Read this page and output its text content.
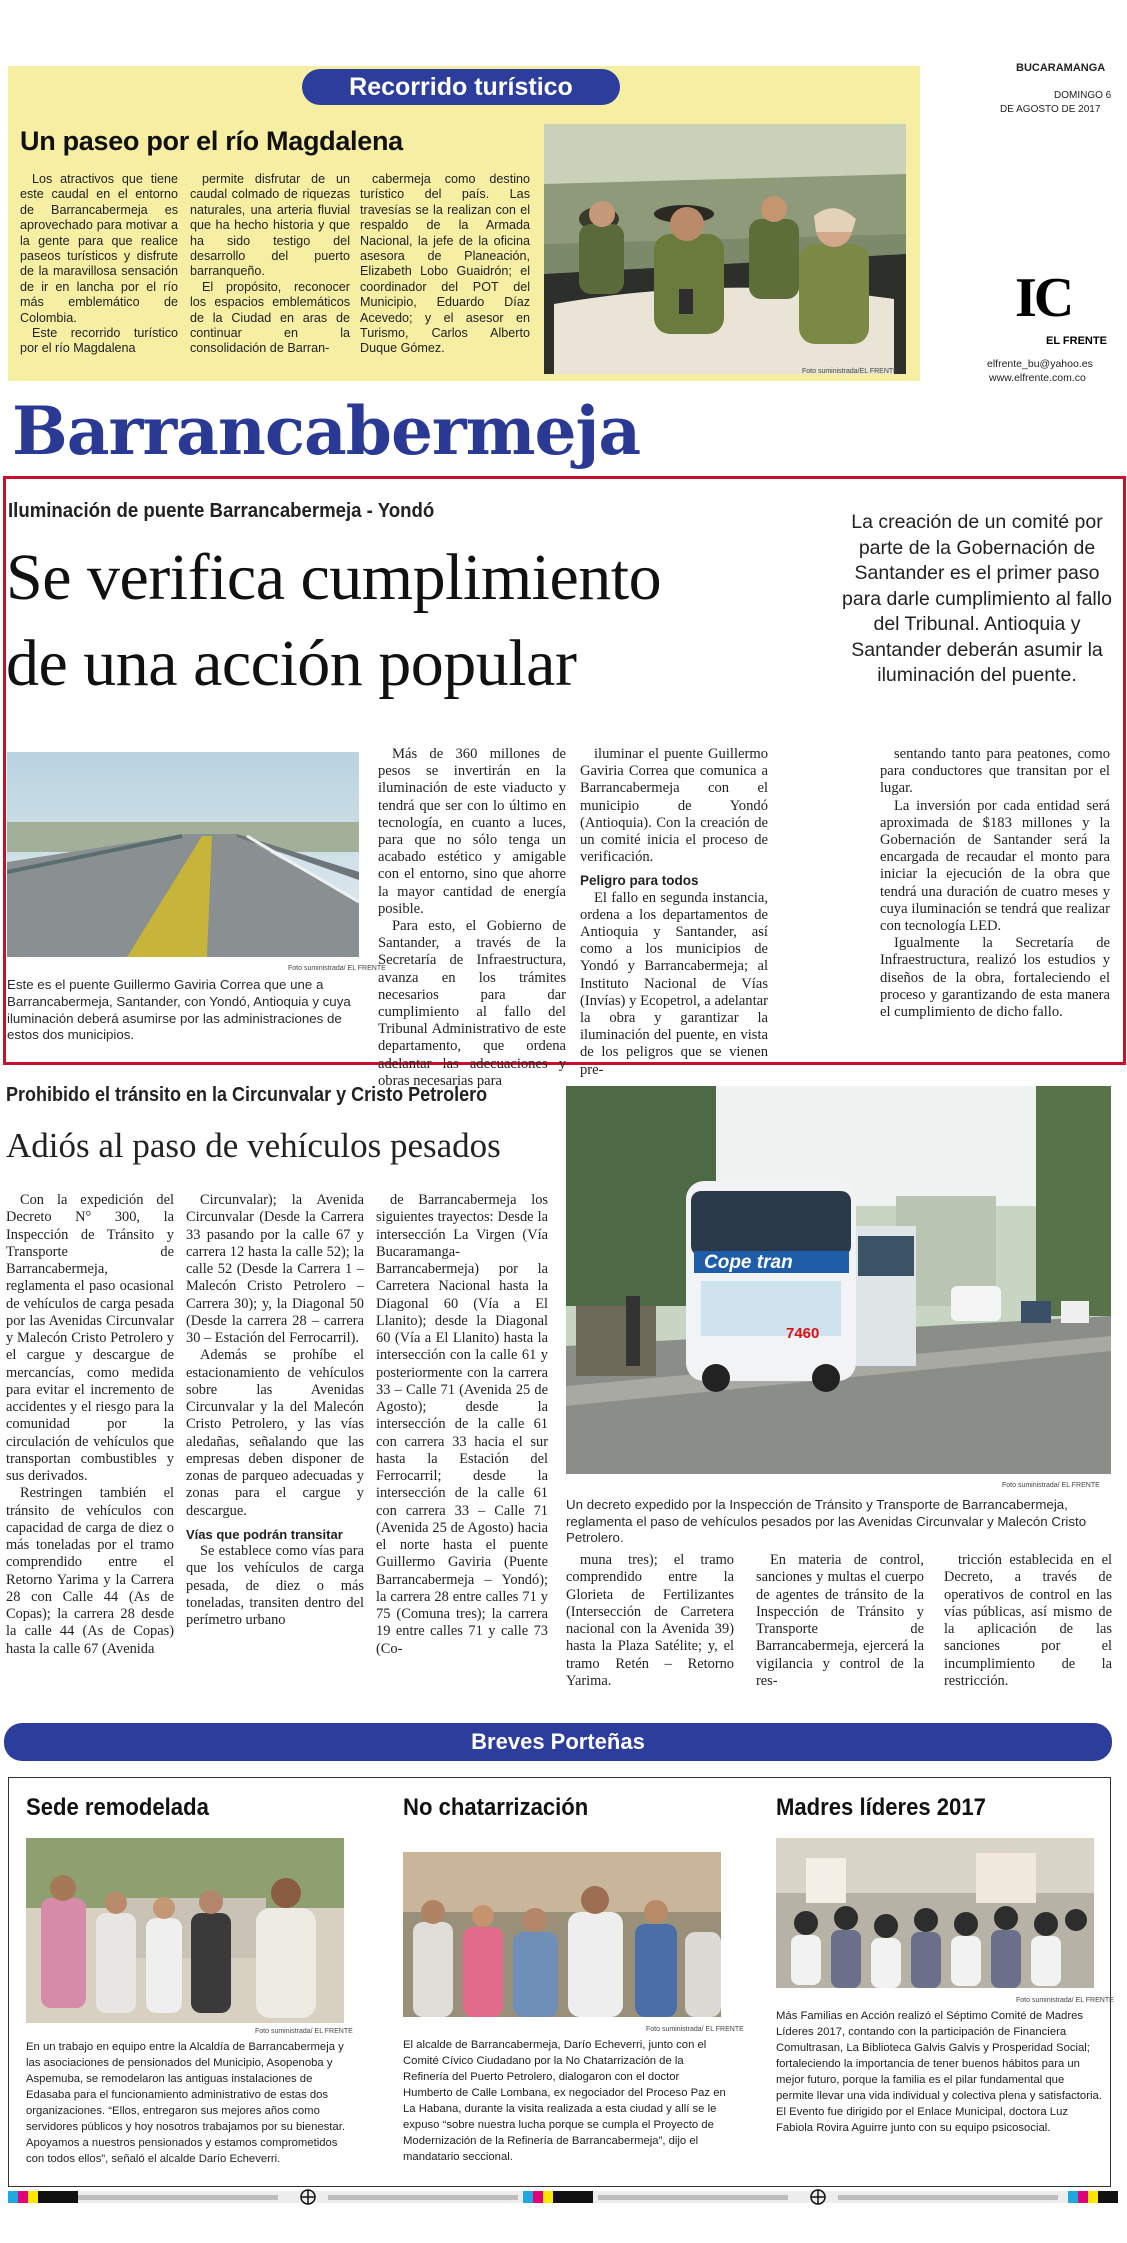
Recorrido turístico
Un paseo por el río Magdalena

Los atractivos que tiene este caudal en el entorno de Barrancabermeja es aprovechado para motivar a la gente para que realice paseos turísticos y disfrute de la maravillosa sensación de ir en lancha por el río más emblemático de Colombia.

Este recorrido turístico por el río Magdalena

permite disfrutar de un caudal colmado de riquezas naturales, una arteria fluvial que ha hecho historia y que ha sido testigo del desarrollo del puerto barranqueño.

El propósito, reconocer los espacios emblemáticos de la Ciudad en aras de continuar en la consolidación de Barran-

cabermeja como destino turístico del país. Las travesías se la realizan con el respaldo de la Armada Nacional, la jefe de la oficina asesora de Planeación, Elizabeth Lobo Guaidrón; el coordinador del POT del Municipio, Eduardo Díaz Acevedo; y el asesor en Turismo, Carlos Alberto Duque Gómez.

Foto suministrada/EL FRENTE
BUCARAMANGA
DOMINGO 6
DE AGOSTO DE 2017
IC
EL FRENTE
elfrente_bu@yahoo.es
www.elfrente.com.co
Barrancabermeja
Iluminación de puente Barrancabermeja - Yondó
Se verifica cumplimiento
de una acción popular
La creación de un comité por parte de la Gobernación de Santander es el primer paso para darle cumplimiento al fallo del Tribunal. Antioquia y Santander deberán asumir la iluminación del puente.
Foto suministrada/ EL FRENTE
Este es el puente Guillermo Gaviria Correa que une a Barrancabermeja, Santander, con Yondó, Antioquia y cuya iluminación deberá asumirse por las administraciones de estos dos municipios.

Más de 360 millones de pesos se invertirán en la iluminación de este viaducto y tendrá que ser con lo último en tecnología, en cuanto a luces, para que no sólo tenga un acabado estético y amigable con el entorno, sino que ahorre la mayor cantidad de energía posible.

Para esto, el Gobierno de Santander, a través de la Secretaría de Infraestructura, avanza en los trámites necesarios para dar cumplimiento al fallo del Tribunal Administrativo de este departamento, que ordena adelantar las adecuaciones y obras necesarias para

iluminar el puente Guillermo Gaviria Correa que comunica a Barrancabermeja con el municipio de Yondó (Antioquia). Con la creación de un comité inicia el proceso de verificación.

Peligro para todos

El fallo en segunda instancia, ordena a los departamentos de Antioquia y Santander, así como a los municipios de Yondó y Barrancabermeja; al Instituto Nacional de Vías (Invías) y Ecopetrol, a adelantar la obra y garantizar la iluminación del puente, en vista de los peligros que se vienen pre-

sentando tanto para peatones, como para conductores que transitan por el lugar.

La inversión por cada entidad será aproximada de $183 millones y la Gobernación de Santander será la encargada de recaudar el monto para iniciar la ejecución de la obra que tendrá una duración de cuatro meses y cuya iluminación se tendrá que realizar con tecnología LED.

Igualmente la Secretaría de Infraestructura, realizó los estudios y diseños de la obra, fortaleciendo el proceso y garantizando de esta manera el cumplimiento de dicho fallo.

Prohibido el tránsito en la Circunvalar y Cristo Petrolero
Adiós al paso de vehículos pesados

Con la expedición del Decreto N° 300, la Inspección de Tránsito y Transporte de Barrancabermeja, reglamenta el paso ocasional de vehículos de carga pesada por las Avenidas Circunvalar y Malecón Cristo Petrolero y el cargue y descargue de mercancías, como medida para evitar el incremento de accidentes y el riesgo para la comunidad por la circulación de vehículos que transportan combustibles y sus derivados.

Restringen también el tránsito de vehículos con capacidad de carga de diez o más toneladas por el tramo comprendido entre el Retorno Yarima y la Carrera 28 con Calle 44 (As de Copas); la carrera 28 desde la calle 44 (As de Copas) hasta la calle 67 (Avenida

Circunvalar); la Avenida Circunvalar (Desde la Carrera 33 pasando por la calle 67 y carrera 12 hasta la calle 52); la calle 52 (Desde la Carrera 1 – Malecón Cristo Petrolero – Carrera 30); y, la Diagonal 50 (Desde la carrera 28 – carrera 30 – Estación del Ferrocarril).

Además se prohíbe el estacionamiento de vehículos sobre las Avenidas Circunvalar y la del Malecón Cristo Petrolero, y las vías aledañas, señalando que las empresas deben disponer de zonas de parqueo adecuadas y zonas para el cargue y descargue.

Vías que podrán transitar

Se establece como vías para que los vehículos de carga pesada, de diez o más toneladas, transiten dentro del perímetro urbano

de Barrancabermeja los siguientes trayectos: Desde la intersección La Virgen (Vía Bucaramanga-Barrancabermeja) por la Carretera Nacional hasta la Diagonal 60 (Vía a El Llanito); desde la Diagonal 60 (Vía a El Llanito) hasta la intersección con la calle 61 y posteriormente con la carrera 33 – Calle 71 (Avenida 25 de Agosto); desde la intersección de la calle 61 con carrera 33 hacia el sur hasta la Estación del Ferrocarril; desde la intersección de la calle 61 con carrera 33 – Calle 71 (Avenida 25 de Agosto) hacia el norte hasta el puente Guillermo Gaviria (Puente Barrancabermeja – Yondó); la carrera 28 entre calles 71 y 75 (Comuna tres); la carrera 19 entre calles 71 y calle 73 (Co-

Cope tran
7460
Foto suministrada/ EL FRENTE
Un decreto expedido por la Inspección de Tránsito y Transporte de Barrancabermeja, reglamenta el paso de vehículos pesados por las Avenidas Circunvalar y Malecón Cristo Petrolero.

muna tres); el tramo comprendido entre la Glorieta de Fertilizantes (Intersección de Carretera nacional con la Avenida 39) hasta la Plaza Satélite; y, el tramo Retén – Retorno Yarima.

En materia de control, sanciones y multas el cuerpo de agentes de tránsito de la Inspección de Tránsito y Transporte de Barrancabermeja, ejercerá la vigilancia y control de la res-

tricción establecida en el Decreto, a través de operativos de control en las vías públicas, así mismo de la aplicación de las sanciones por el incumplimiento de la restricción.

Breves Porteñas
Sede remodelada
Foto suministrada/ EL FRENTE
En un trabajo en equipo entre la Alcaldía de Barrancabermeja y las asociaciones de pensionados del Municipio, Asopenoba y Aspemuba, se remodelaron las antiguas instalaciones de Edasaba para el funcionamiento administrativo de estas dos organizaciones. “Ellos, entregaron sus mejores años como servidores públicos y hoy nosotros trabajamos por su bienestar. Apoyamos a nuestros pensionados y estamos comprometidos con todos ellos”, señaló el alcalde Darío Echeverri.
No chatarrización
Foto suministrada/ EL FRENTE
El alcalde de Barrancabermeja, Darío Echeverri, junto con el Comité Cívico Ciudadano por la No Chatarrización de la Refinería del Puerto Petrolero, dialogaron con el doctor Humberto de Calle Lombana, ex negociador del Proceso Paz en La Habana, durante la visita realizada a esta ciudad y allí se le expuso “sobre nuestra lucha porque se cumpla el Proyecto de Modernización de la Refinería de Barrancabermeja”, dijo el mandatario seccional.
Madres líderes 2017
Foto suministrada/ EL FRENTE
Más Familias en Acción realizó el Séptimo Comité de Madres Líderes 2017, contando con la participación de Financiera Comultrasan, La Biblioteca Galvis Galvis y Prosperidad Social; fortaleciendo la importancia de tener buenos hábitos para un mejor futuro, porque la familia es el pilar fundamental que permite llevar una vida individual y colectiva plena y satisfactoria. El Evento fue dirigido por el Enlace Municipal, doctora Luz Fabiola Rovira Aguirre junto con su equipo psicosocial.
